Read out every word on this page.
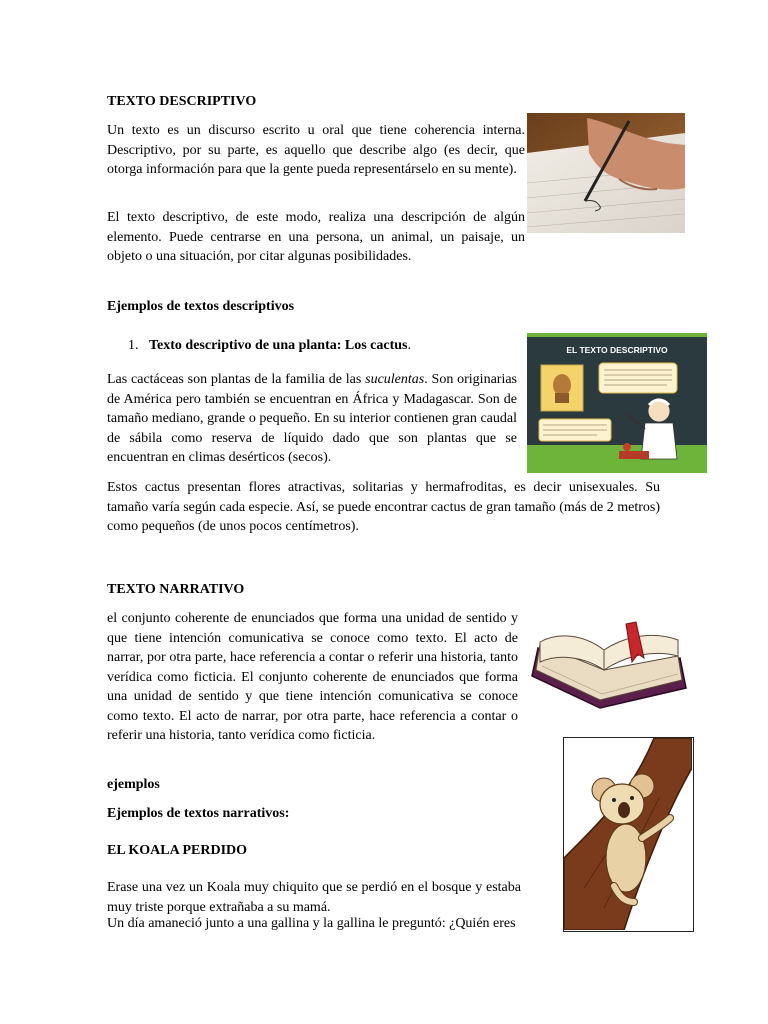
TEXTO DESCRIPTIVO

Un texto es un discurso escrito u oral que tiene coherencia interna. Descriptivo, por su parte, es aquello que describe algo (es decir, que otorga información para que la gente pueda representárselo en su mente).

El texto descriptivo, de este modo, realiza una descripción de algún elemento. Puede centrarse en una persona, un animal, un paisaje, un objeto o una situación, por citar algunas posibilidades.

Ejemplos de textos descriptivos

1. Texto descriptivo de una planta: Los cactus.

Las cactáceas son plantas de la familia de las suculentas. Son originarias de América pero también se encuentran en África y Madagascar. Son de tamaño mediano, grande o pequeño. En su interior contienen gran caudal de sábila como reserva de líquido dado que son plantas que se encuentran en climas desérticos (secos).

EL TEXTO DESCRIPTIVO

Estos cactus presentan flores atractivas, solitarias y hermafroditas, es decir unisexuales. Su tamaño varía según cada especie. Así, se puede encontrar cactus de gran tamaño (más de 2 metros) como pequeños (de unos pocos centímetros).

TEXTO NARRATIVO

el conjunto coherente de enunciados que forma una unidad de sentido y que tiene intención comunicativa se conoce como texto. El acto de narrar, por otra parte, hace referencia a contar o referir una historia, tanto verídica como ficticia. El conjunto coherente de enunciados que forma una unidad de sentido y que tiene intención comunicativa se conoce como texto. El acto de narrar, por otra parte, hace referencia a contar o referir una historia, tanto verídica como ficticia.

ejemplos

Ejemplos de textos narrativos:

EL KOALA PERDIDO

Erase una vez un Koala muy chiquito que se perdió en el bosque y estaba muy triste porque extrañaba a su mamá.

Un día amaneció junto a una gallina y la gallina le preguntó: ¿Quién eres
